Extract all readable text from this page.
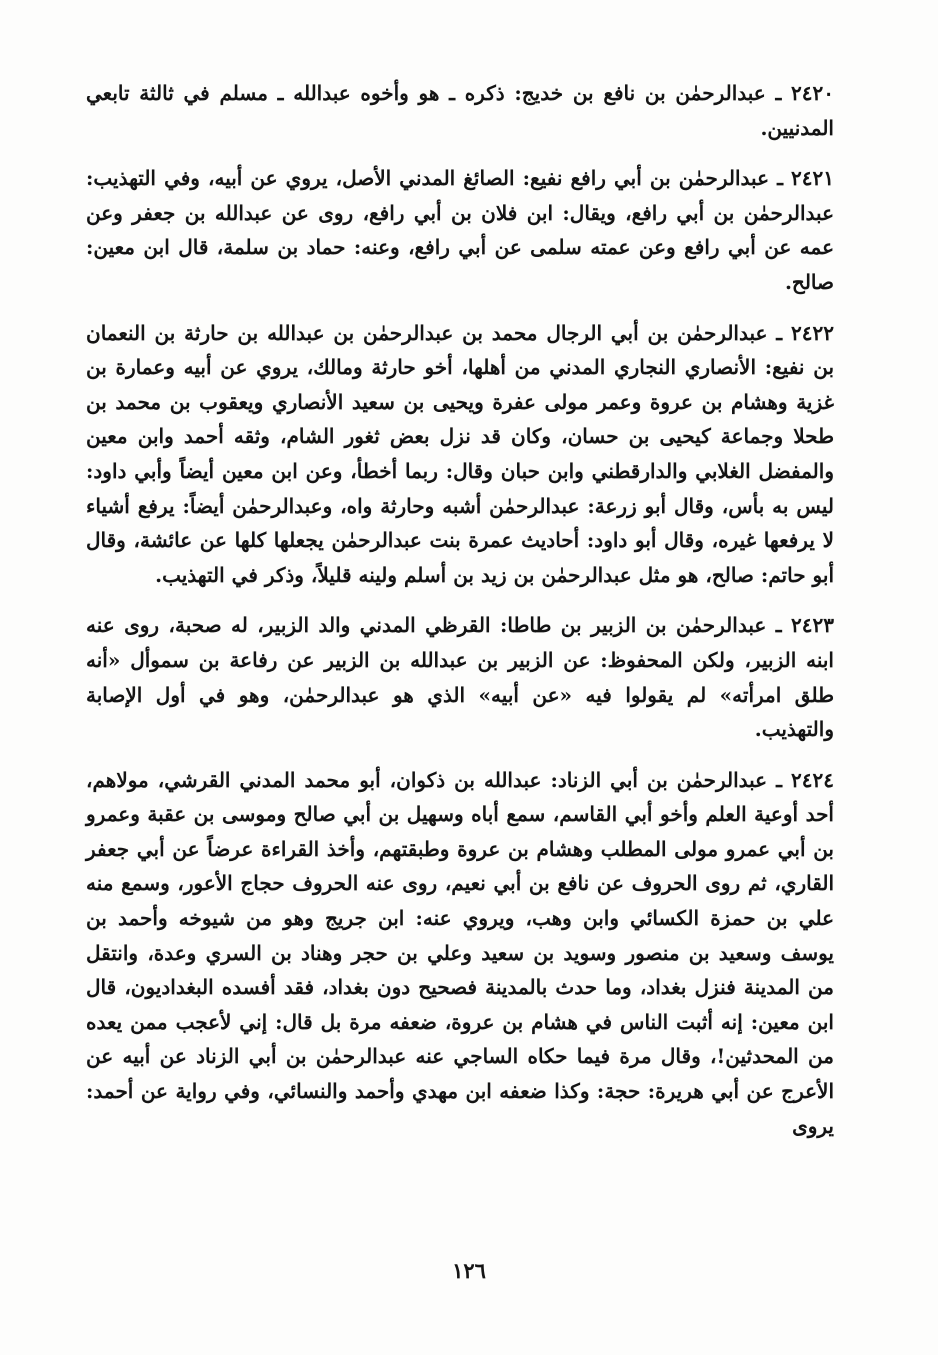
٢٤٢٠ ـ عبدالرحمٰن بن نافع بن خديج: ذكره ـ هو وأخوه عبدالله ـ مسلم في ثالثة تابعي المدنيين.

٢٤٢١ ـ عبدالرحمٰن بن أبي رافع نفيع: الصائغ المدني الأصل، يروي عن أبيه، وفي التهذيب: عبدالرحمٰن بن أبي رافع، ويقال: ابن فلان بن أبي رافع، روى عن عبدالله بن جعفر وعن عمه عن أبي رافع وعن عمته سلمى عن أبي رافع، وعنه: حماد بن سلمة، قال ابن معين: صالح.

٢٤٢٢ ـ عبدالرحمٰن بن أبي الرجال محمد بن عبدالرحمٰن بن عبدالله بن حارثة بن النعمان بن نفيع: الأنصاري النجاري المدني من أهلها، أخو حارثة ومالك، يروي عن أبيه وعمارة بن غزية وهشام بن عروة وعمر مولى عفرة ويحيى بن سعيد الأنصاري ويعقوب بن محمد بن طحلا وجماعة كيحيى بن حسان، وكان قد نزل بعض ثغور الشام، وثقه أحمد وابن معين والمفضل الغلابي والدارقطني وابن حبان وقال: ربما أخطأ، وعن ابن معين أيضاً وأبي داود: ليس به بأس، وقال أبو زرعة: عبدالرحمٰن أشبه وحارثة واه، وعبدالرحمٰن أيضاً: يرفع أشياء لا يرفعها غيره، وقال أبو داود: أحاديث عمرة بنت عبدالرحمٰن يجعلها كلها عن عائشة، وقال أبو حاتم: صالح، هو مثل عبدالرحمٰن بن زيد بن أسلم ولينه قليلاً، وذكر في التهذيب.

٢٤٢٣ ـ عبدالرحمٰن بن الزبير بن طاطا: القرظي المدني والد الزبير، له صحبة، روى عنه ابنه الزبير، ولكن المحفوظ: عن الزبير بن عبدالله بن الزبير عن رفاعة بن سموأل «أنه طلق امرأته» لم يقولوا فيه «عن أبيه» الذي هو عبدالرحمٰن، وهو في أول الإصابة والتهذيب.

٢٤٢٤ ـ عبدالرحمٰن بن أبي الزناد: عبدالله بن ذكوان، أبو محمد المدني القرشي، مولاهم، أحد أوعية العلم وأخو أبي القاسم، سمع أباه وسهيل بن أبي صالح وموسى بن عقبة وعمرو بن أبي عمرو مولى المطلب وهشام بن عروة وطبقتهم، وأخذ القراءة عرضاً عن أبي جعفر القاري، ثم روى الحروف عن نافع بن أبي نعيم، روى عنه الحروف حجاج الأعور، وسمع منه علي بن حمزة الكسائي وابن وهب، ويروي عنه: ابن جريج وهو من شيوخه وأحمد بن يوسف وسعيد بن منصور وسويد بن سعيد وعلي بن حجر وهناد بن السري وعدة، وانتقل من المدينة فنزل بغداد، وما حدث بالمدينة فصحيح دون بغداد، فقد أفسده البغداديون، قال ابن معين: إنه أثبت الناس في هشام بن عروة، ضعفه مرة بل قال: إني لأعجب ممن يعده من المحدثين!، وقال مرة فيما حكاه الساجي عنه عبدالرحمٰن بن أبي الزناد عن أبيه عن الأعرج عن أبي هريرة: حجة: وكذا ضعفه ابن مهدي وأحمد والنسائي، وفي رواية عن أحمد: يروى

١٢٦
